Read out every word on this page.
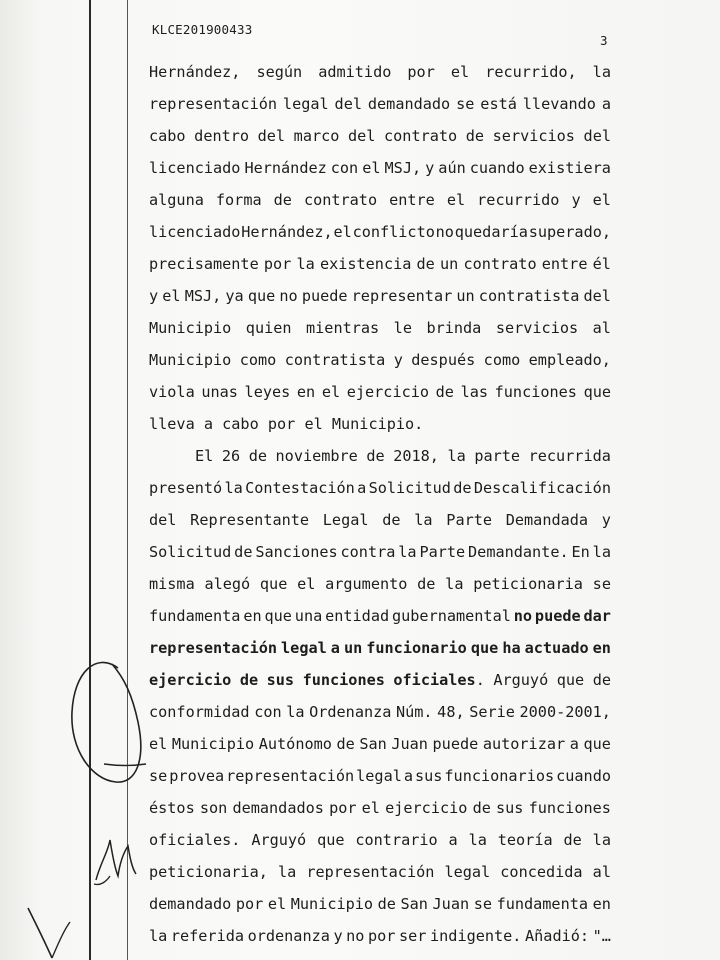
KLCE201900433
3
Hernández, según admitido por el recurrido, la
representación legal del demandado se está llevando a
cabo dentro del marco del contrato de servicios del
licenciado Hernández con el MSJ, y aún cuando existiera
alguna forma de contrato entre el recurrido y el
licenciado Hernández, el conflicto no quedaría superado,
precisamente por la existencia de un contrato entre él
y el MSJ, ya que no puede representar un contratista del
Municipio quien mientras le brinda servicios al
Municipio como contratista y después como empleado,
viola unas leyes en el ejercicio de las funciones que
lleva a cabo por el Municipio.
El 26 de noviembre de 2018, la parte recurrida
presentó la Contestación a Solicitud de Descalificación
del Representante Legal de la Parte Demandada y
Solicitud de Sanciones contra la Parte Demandante. En la
misma alegó que el argumento de la peticionaria se
fundamenta en que una entidad gubernamental no puede dar
representación legal a un funcionario que ha actuado en
ejercicio de sus funciones oficiales. Arguyó que de
conformidad con la Ordenanza Núm. 48, Serie 2000-2001,
el Municipio Autónomo de San Juan puede autorizar a que
se provea representación legal a sus funcionarios cuando
éstos son demandados por el ejercicio de sus funciones
oficiales. Arguyó que contrario a la teoría de la
peticionaria, la representación legal concedida al
demandado por el Municipio de San Juan se fundamenta en
la referida ordenanza y no por ser indigente. Añadió: "…
